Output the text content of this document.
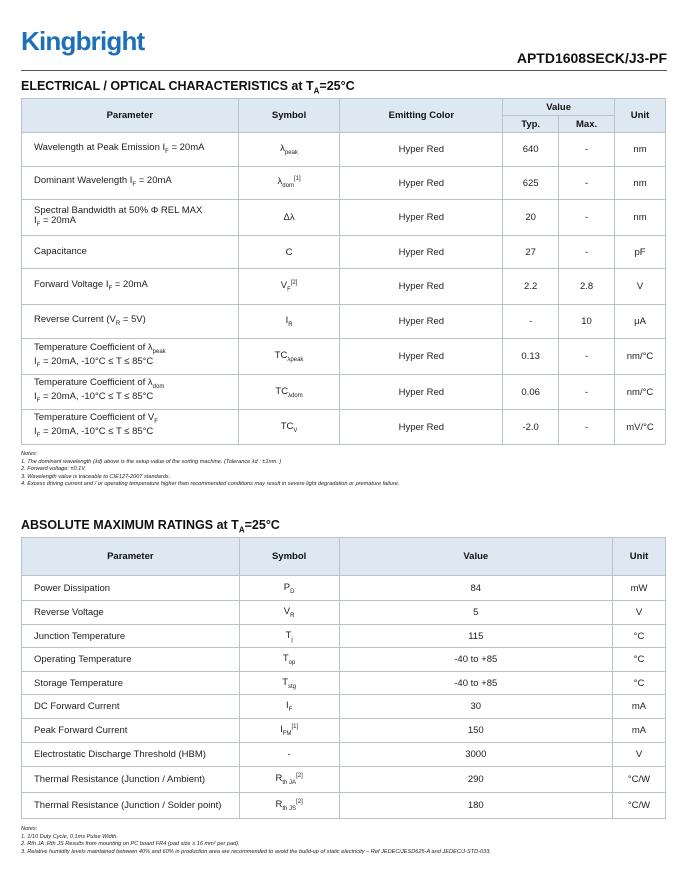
Kingbright
APTD1608SECK/J3-PF
ELECTRICAL / OPTICAL CHARACTERISTICS at $T_A=25^\circ C$
Parameter	Symbol	Emitting Color	Value		Unit
			Typ.	Max.	
Wavelength at Peak Emission $I_F = 20mA$	$\lambda_{peak}$	Hyper Red	640	-	nm
Dominant Wavelength $I_F = 20mA$	$\lambda_{dom}[1]$	Hyper Red	625	-	nm
Spectral Bandwidth at 50% Φ REL MAX
$I_F = 20mA$	Δλ	Hyper Red	20	-	nm
Capacitance	C	Hyper Red	27	-	pF
Forward Voltage $I_F = 20mA$	$V_F[2]$	Hyper Red	2.2	2.8	V
Reverse Current $(V_R = 5V)$	$I_R$	Hyper Red	-	10	μA
Temperature Coefficient of $\lambda_{peak}$
$I_F = 20mA$, -10°C ≤ T ≤ 85°C	$TC_{\lambda peak}$	Hyper Red	0.13	-	nm/°C
Temperature Coefficient of $\lambda_{dom}$
$I_F = 20mA$, -10°C ≤ T ≤ 85°C	$TC_{\lambda dom}$	Hyper Red	0.06	-	nm/°C
Temperature Coefficient of $V_F$
$I_F = 20mA$, -10°C ≤ T ≤ 85°C	$TC_V$	Hyper Red	-2.0	-	mV/°C
Notes:
1. The dominant wavelength (λd) above is the setup value of the sorting machine. (Tolerance λd : ±1nm. )
2. Forward voltage: ±0.1V.
3. Wavelength value is traceable to CIE127-2007 standards.
4. Excess driving current and / or operating temperature higher than recommended conditions may result in severe light degradation or premature failure.
ABSOLUTE MAXIMUM RATINGS at $T_A=25^\circ C$
Parameter	Symbol	Value	Unit
Power Dissipation	$P_D$	84	mW
Reverse Voltage	$V_R$	5	V
Junction Temperature	$T_j$	115	°C
Operating Temperature	$T_{op}$	-40 to +85	°C
Storage Temperature	$T_{stg}$	-40 to +85	°C
DC Forward Current	$I_F$	30	mA
Peak Forward Current	$I_{FM}[1]$	150	mA
Electrostatic Discharge Threshold (HBM)	-	3000	V
Thermal Resistance (Junction / Ambient)	$R_{th JA}[2]$	290	°C/W
Thermal Resistance (Junction / Solder point)	$R_{th JS}[2]$	180	°C/W
Notes:
1. 1/10 Duty Cycle, 0.1ms Pulse Width.
2. Rth JA ,Rth JS Results from mounting on PC board FR4 (pad size ≥ 16 mm² per pad).
3. Relative humidity levels maintained between 40% and 60% in production area are recommended to avoid the build-up of static electricity – Ref JEDEC/JESD625-A and JEDEC/J-STD-033.
